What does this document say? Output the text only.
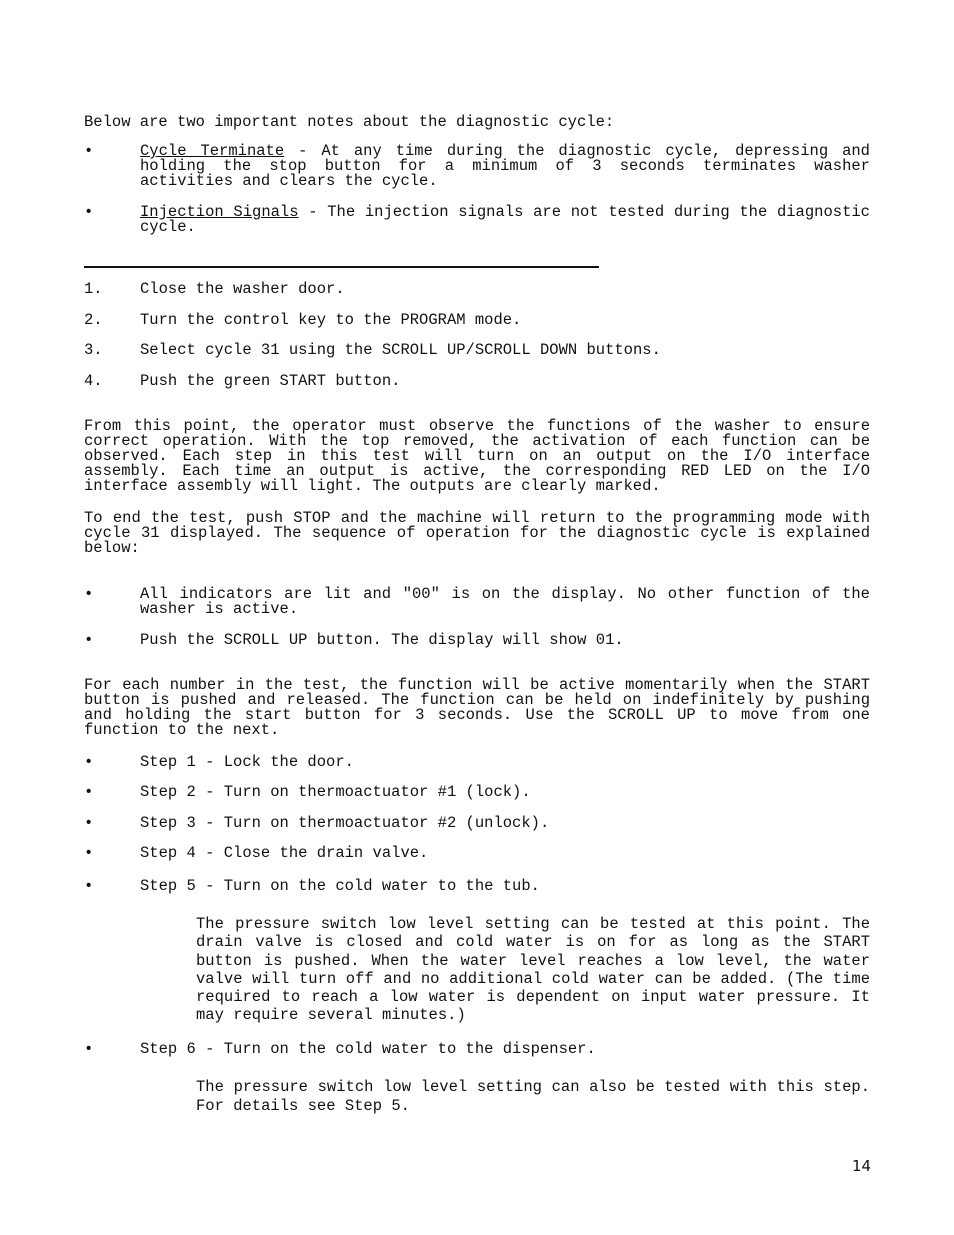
Below are two important notes about the diagnostic cycle:
•	Cycle Terminate - At any time during the diagnostic cycle, depressing and holding the stop button for a minimum of 3 seconds terminates washer activities and clears the cycle.
•	Injection Signals - The injection signals are not tested during the diagnostic cycle.
1. Close the washer door.
2. Turn the control key to the PROGRAM mode.
3. Select cycle 31 using the SCROLL UP/SCROLL DOWN buttons.
4. Push the green START button.
From this point, the operator must observe the functions of the washer to ensure correct operation. With the top removed, the activation of each function can be observed. Each step in this test will turn on an output on the I/O interface assembly. Each time an output is active, the corresponding RED LED on the I/O interface assembly will light. The outputs are clearly marked.
To end the test, push STOP and the machine will return to the programming mode with cycle 31 displayed. The sequence of operation for the diagnostic cycle is explained below:
•	All indicators are lit and "00" is on the display. No other function of the washer is active.
•	Push the SCROLL UP button. The display will show 01.
For each number in the test, the function will be active momentarily when the START button is pushed and released. The function can be held on indefinitely by pushing and holding the start button for 3 seconds. Use the SCROLL UP to move from one function to the next.
•	Step 1 - Lock the door.
•	Step 2 - Turn on thermoactuator #1 (lock).
•	Step 3 - Turn on thermoactuator #2 (unlock).
•	Step 4 - Close the drain valve.
•	Step 5 - Turn on the cold water to the tub.
The pressure switch low level setting can be tested at this point. The drain valve is closed and cold water is on for as long as the START button is pushed. When the water level reaches a low level, the water valve will turn off and no additional cold water can be added. (The time required to reach a low water is dependent on input water pressure. It may require several minutes.)
•	Step 6 - Turn on the cold water to the dispenser.
The pressure switch low level setting can also be tested with this step. For details see Step 5.
14
